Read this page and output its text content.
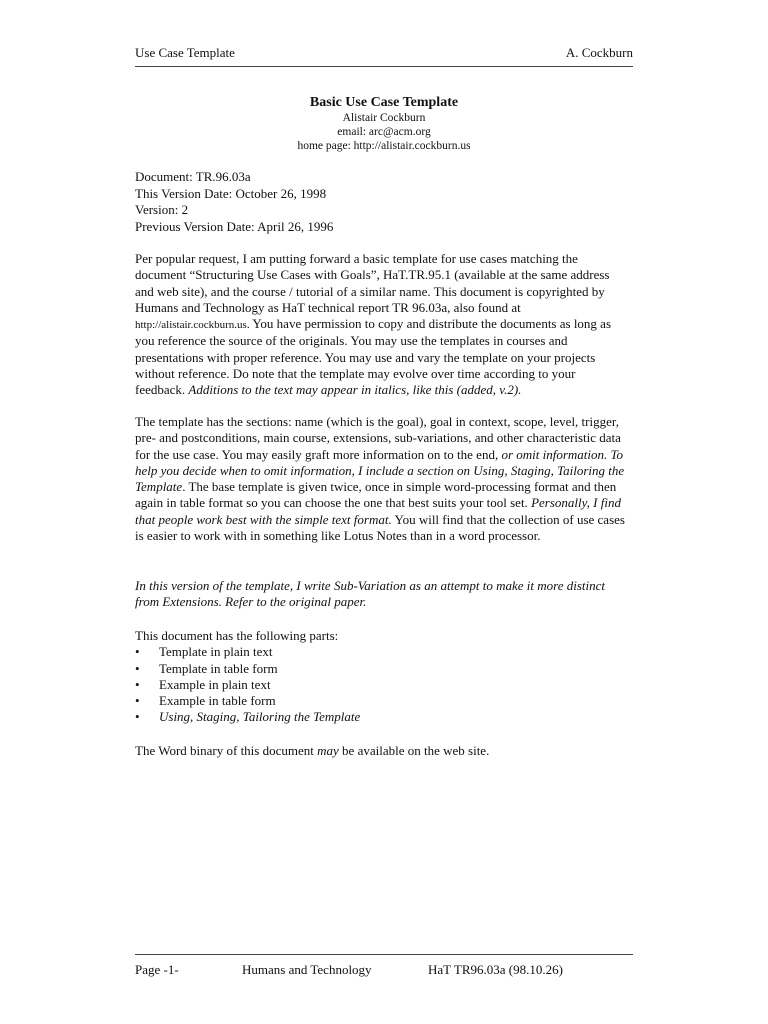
Use Case Template	A. Cockburn
Basic Use Case Template
Alistair Cockburn
email: arc@acm.org
home page: http://alistair.cockburn.us
Document: TR.96.03a
This Version Date: October 26, 1998
Version: 2
Previous Version Date: April 26, 1996

Per popular request, I am putting forward a basic template for use cases matching the document “Structuring Use Cases with Goals”, HaT.TR.95.1 (available at the same address and web site), and the course / tutorial of a similar name. This document is copyrighted by Humans and Technology as HaT technical report TR 96.03a, also found at http://alistair.cockburn.us. You have permission to copy and distribute the documents as long as you reference the source of the originals. You may use the templates in courses and presentations with proper reference. You may use and vary the template on your projects without reference. Do note that the template may evolve over time according to your feedback. Additions to the text may appear in italics, like this (added, v.2).

The template has the sections: name (which is the goal), goal in context, scope, level, trigger, pre- and postconditions, main course, extensions, sub-variations, and other characteristic data for the use case. You may easily graft more information on to the end, or omit information. To help you decide when to omit information, I include a section on Using, Staging, Tailoring the Template. The base template is given twice, once in simple word-processing format and then again in table format so you can choose the one that best suits your tool set. Personally, I find that people work best with the simple text format. You will find that the collection of use cases is easier to work with in something like Lotus Notes than in a word processor.

In this version of the template, I write Sub-Variation as an attempt to make it more distinct from Extensions. Refer to the original paper.

This document has the following parts:
• Template in plain text
• Template in table form
• Example in plain text
• Example in table form
• Using, Staging, Tailoring the Template

The Word binary of this document may be available on the web site.

Page -1-	Humans and Technology	HaT TR96.03a (98.10.26)
